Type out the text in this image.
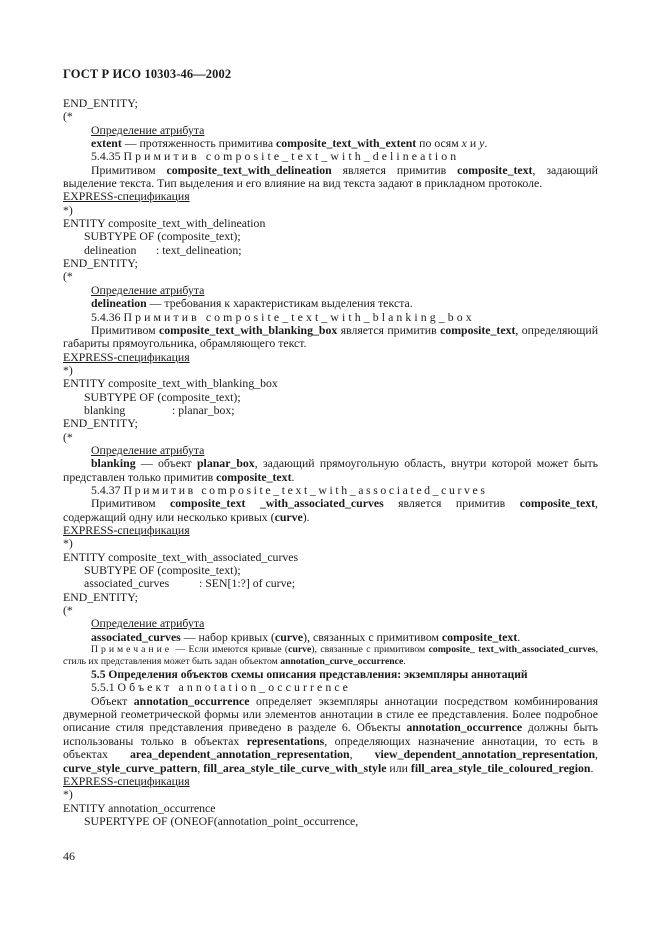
ГОСТ Р ИСО 10303-46—2002

END_ENTITY;

(*

Определение атрибута

extent — протяженность примитива composite_text_with_extent по осям x и y.

5.4.35 Примитив composite_text_with_delineation

Примитивом composite_text_with_delineation является примитив composite_text, задающий выделение текста. Тип выделения и его влияние на вид текста задают в прикладном протоколе.

EXPRESS-спецификация

*)

ENTITY composite_text_with_delineation

SUBTYPE OF (composite_text);

delineation : text_delineation;

END_ENTITY;

(*

Определение атрибута

delineation — требования к характеристикам выделения текста.

5.4.36 Примитив composite_text_with_blanking_box

Примитивом composite_text_with_blanking_box является примитив composite_text, определяющий габариты прямоугольника, обрамляющего текст.

EXPRESS-спецификация

*)

ENTITY composite_text_with_blanking_box

SUBTYPE OF (composite_text);

blanking	: planar_box;

END_ENTITY;

(*

Определение атрибута

blanking — объект planar_box, задающий прямоугольную область, внутри которой может быть представлен только примитив composite_text.

5.4.37 Примитив composite_text_with_associated_curves

Примитивом composite_text _with_associated_curves является примитив composite_text, содержащий одну или несколько кривых (curve).

EXPRESS-спецификация

*)

ENTITY composite_text_with_associated_curves

SUBTYPE OF (composite_text);

associated_curves	: SEN[1:?] of curve;

END_ENTITY;

(*

Определение атрибута

associated_curves — набор кривых (curve), связанных с примитивом composite_text.

Примечание — Если имеются кривые (curve), связанные с примитивом composite_ text_with_associated_curves, стиль их представления может быть задан объектом annotation_curve_occurrence.

5.5 Определения объектов схемы описания представления: экземпляры аннотаций

5.5.1 Объект annotation_occurrence

Объект annotation_occurrence определяет экземпляры аннотации посредством комбинирования двумерной геометрической формы или элементов аннотации в стиле ее представления. Более подробное описание стиля представления приведено в разделе 6. Объекты annotation_occurrence должны быть использованы только в объектах representations, определяющих назначение аннотации, то есть в объектах area_dependent_annotation_representation, view_dependent_annotation_representation, curve_style_curve_pattern, fill_area_style_tile_curve_with_style или fill_area_style_tile_coloured_region.

EXPRESS-спецификация

*)

ENTITY annotation_occurrence

SUPERTYPE OF (ONEOF(annotation_point_occurrence,

46
